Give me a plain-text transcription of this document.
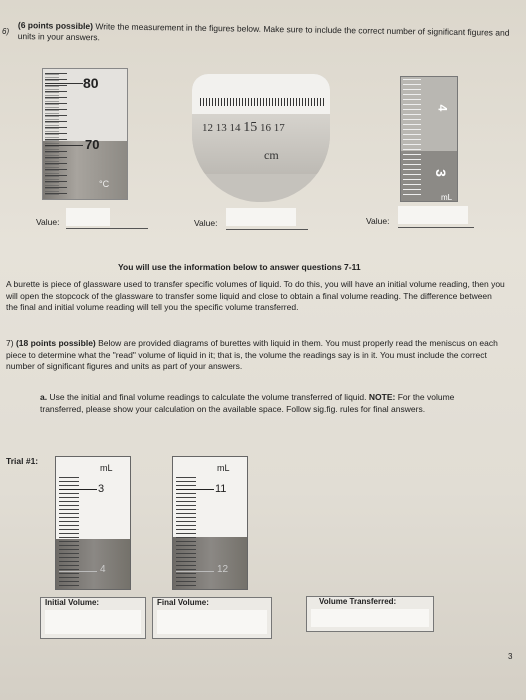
6)
(6 points possible) Write the measurement in the figures below. Make sure to include the correct number of significant figures and units in your answers.
80
70
°C
12 13 14 15 16 17
cm
4
3
mL
Value:	Value:	Value:
You will use the information below to answer questions 7-11
A burette is piece of glassware used to transfer specific volumes of liquid. To do this, you will have an initial volume reading, then you will open the stopcock of the glassware to transfer some liquid and close to obtain a final volume reading. The difference between the final and initial volume reading will tell you the specific volume transferred.
7) (18 points possible) Below are provided diagrams of burettes with liquid in them. You must properly read the meniscus on each piece to determine what the "read" volume of liquid in it; that is, the volume the readings say is in it. You must include the correct number of significant figures and units as part of your answers.
a. Use the initial and final volume readings to calculate the volume transferred of liquid. NOTE: For the volume transferred, please show your calculation on the available space. Follow sig.fig. rules for final answers.
Trial #1:
mL
3
4
mL
11
12
Initial Volume:	Final Volume:	Volume Transferred:
3
